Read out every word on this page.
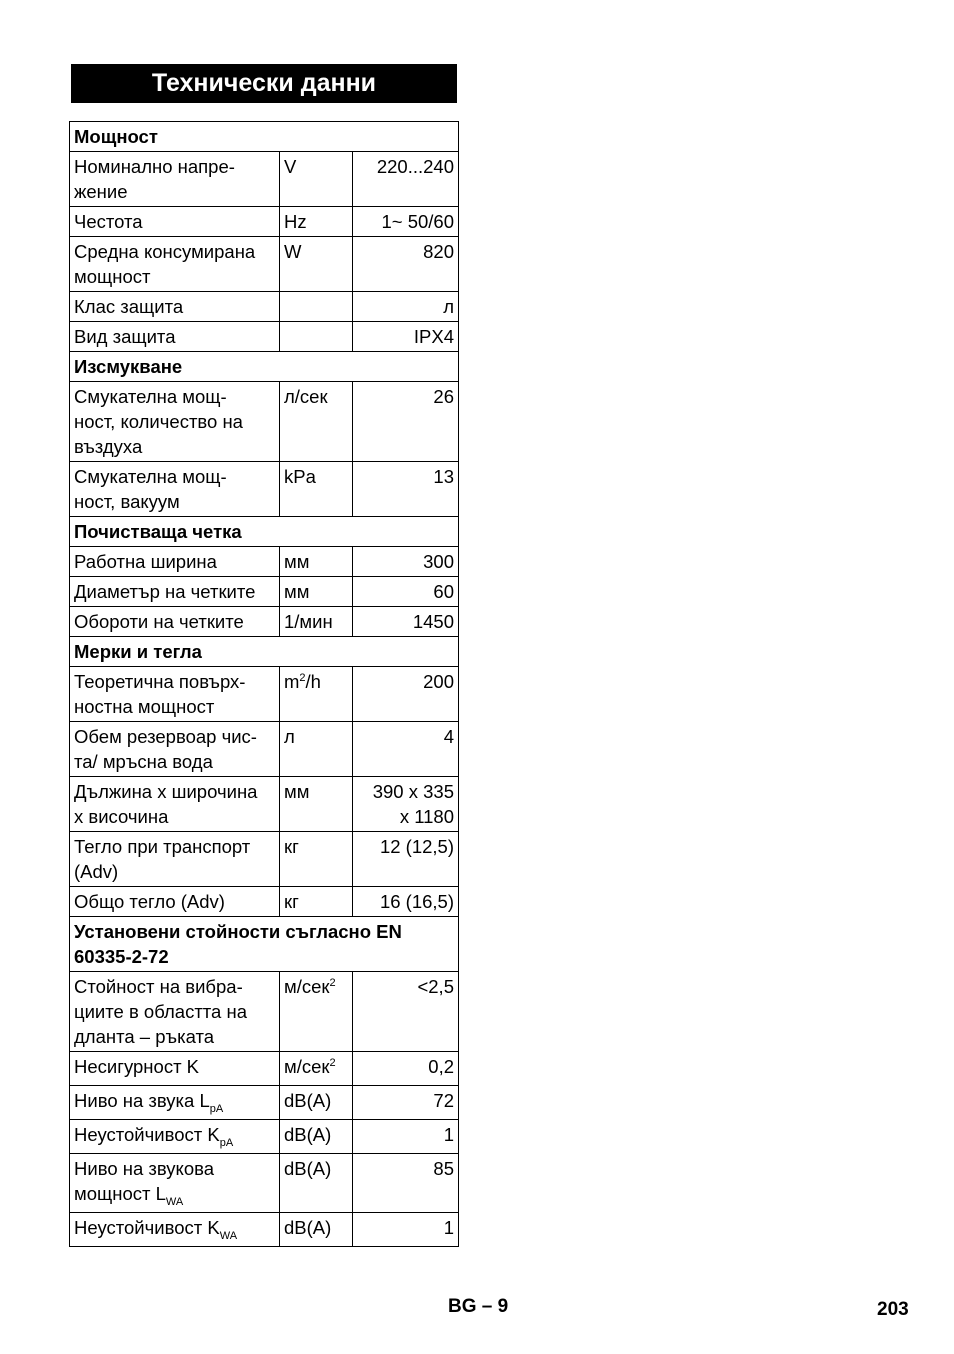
Технически данни
Мощност		
Номинално напре-
жение	V	220...240
Честота	Hz	1~ 50/60
Средна консумирана
мощност	W	820
Клас защита		л
Вид защита		IPX4
Изсмукване		
Смукателна мощ-
ност, количество на
въздуха	л/сек	26
Смукателна мощ-
ност, вакуум	kPa	13
Почистваща четка		
Работна ширина	мм	300
Диаметър на четките	мм	60
Обороти на четките	1/мин	1450
Мерки и тегла		
Теоретична повърх-
ностна мощност	$m^2/h$	200
Обем резервоар чис-
та/ мръсна вода	л	4
Дължина x широчина
x височина	мм	390 x 335
x 1180
Тегло при транспорт
(Adv)	кг	12 (12,5)
Общо тегло (Adv)	кг	16 (16,5)
Установени стойности съгласно EN
60335-2-72		
Стойност на вибра-
циите в областта на
дланта – ръката	м/сек$^2$	<2,5
Несигурност K	м/сек$^2$	0,2
Ниво на звука $L_{pA}$	dB(A)	72
Неустойчивост $K_{pA}$	dB(A)	1
Ниво на звукова
мощност $L_{WA}$	dB(A)	85
Неустойчивост $K_{WA}$	dB(A)	1
BG – 9	203
